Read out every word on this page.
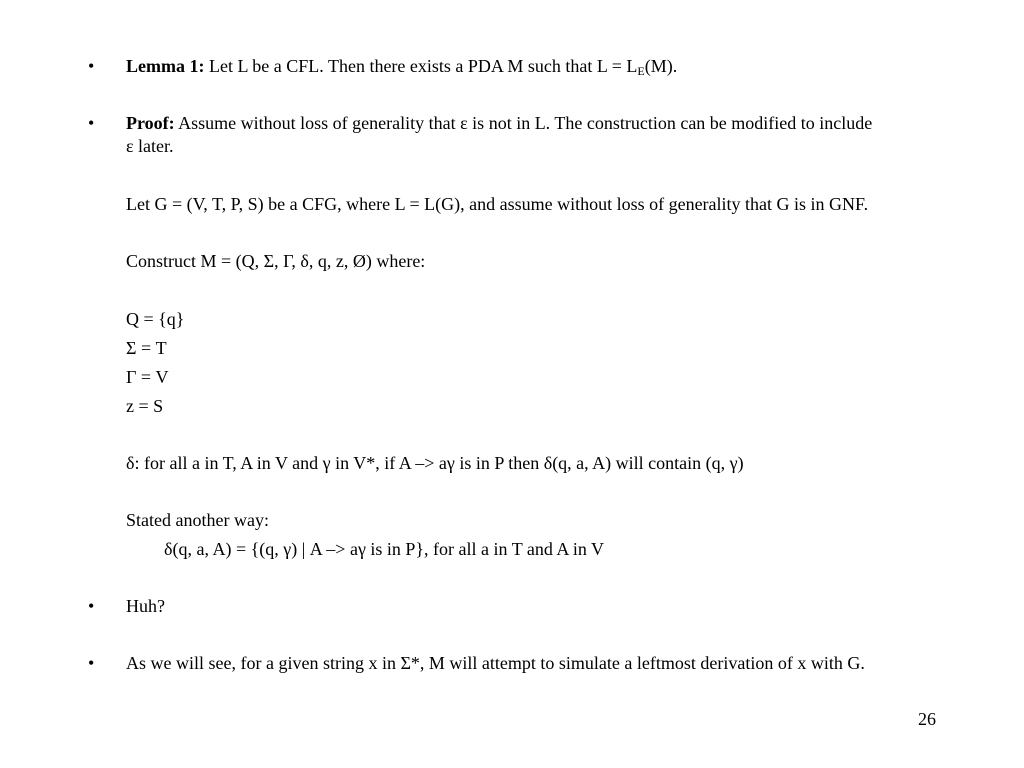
• Lemma 1: Let L be a CFL. Then there exists a PDA M such that $L = L_E(M)$.
• Proof: Assume without loss of generality that ε is not in L. The construction can be modified to include
ε later.
Let G = (V, T, P, S) be a CFG, where L = L(G), and assume without loss of generality that G is in GNF.
Construct M = (Q, Σ, Γ, δ, q, z, Ø) where:
Q = {q}
Σ = T
Γ = V
z = S
δ: for all a in T, A in V and γ in V*, if A –> aγ is in P then δ(q, a, A) will contain (q, γ)
Stated another way:
δ(q, a, A) = {(q, γ) | A –> aγ is in P}, for all a in T and A in V
• Huh?
• As we will see, for a given string x in Σ*, M will attempt to simulate a leftmost derivation of x with G.
26
